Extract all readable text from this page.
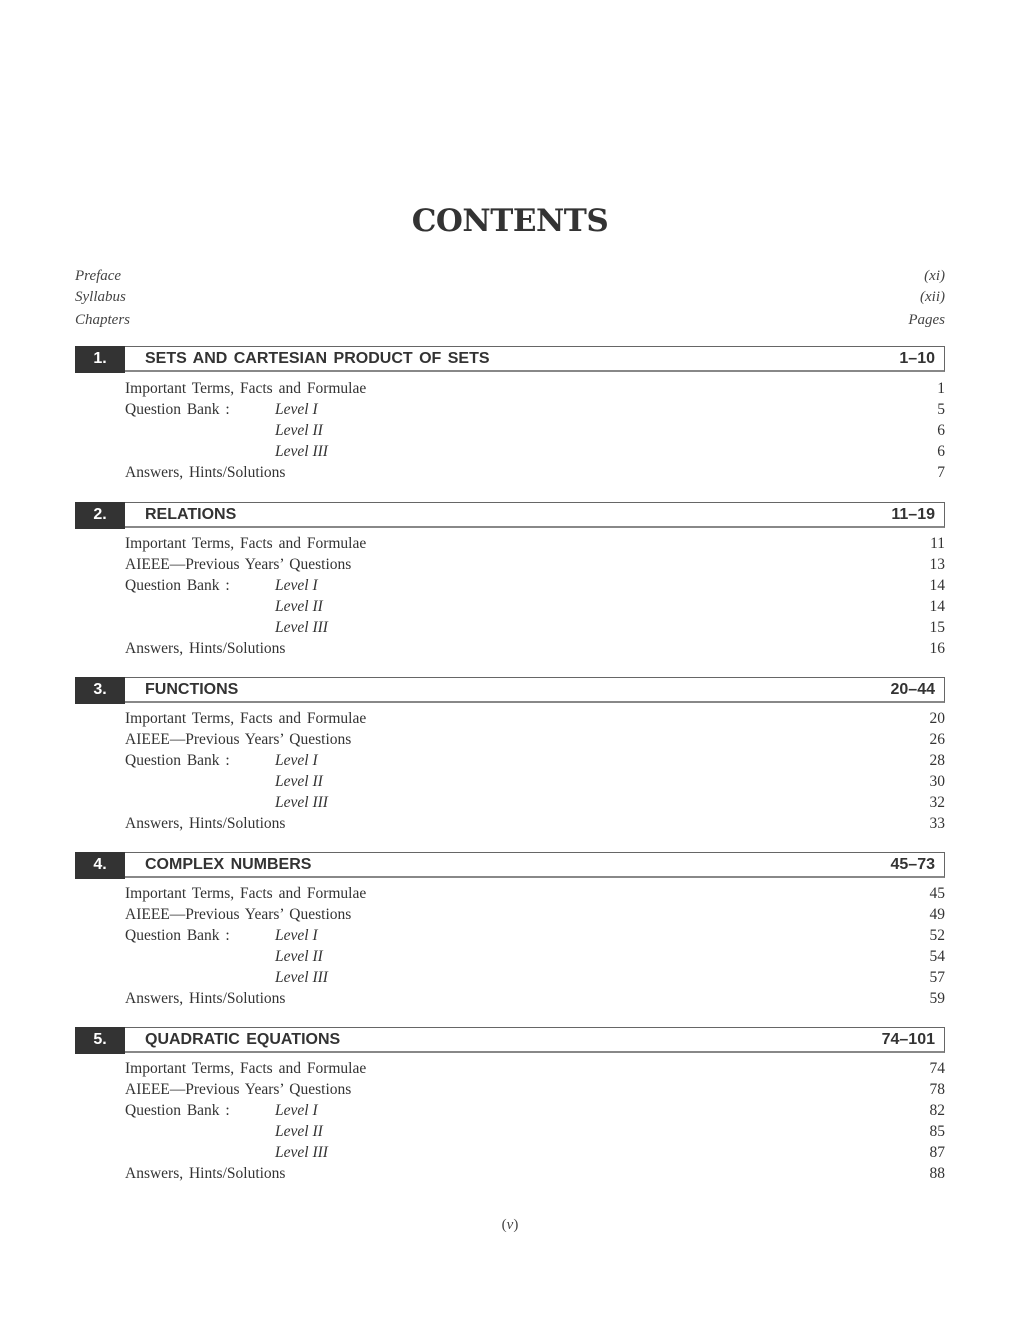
CONTENTS
Preface	(xi)
Syllabus	(xii)
Chapters	Pages
1.	SETS AND CARTESIAN PRODUCT OF SETS	1–10
Important Terms, Facts and Formulae	1
Question Bank :	Level I	5
Level II	6
Level III	6
Answers, Hints/Solutions	7
2.	RELATIONS	11–19
Important Terms, Facts and Formulae	11
AIEEE—Previous Years’ Questions	13
Question Bank :	Level I	14
Level II	14
Level III	15
Answers, Hints/Solutions	16
3.	FUNCTIONS	20–44
Important Terms, Facts and Formulae	20
AIEEE—Previous Years’ Questions	26
Question Bank :	Level I	28
Level II	30
Level III	32
Answers, Hints/Solutions	33
4.	COMPLEX NUMBERS	45–73
Important Terms, Facts and Formulae	45
AIEEE—Previous Years’ Questions	49
Question Bank :	Level I	52
Level II	54
Level III	57
Answers, Hints/Solutions	59
5.	QUADRATIC EQUATIONS	74–101
Important Terms, Facts and Formulae	74
AIEEE—Previous Years’ Questions	78
Question Bank :	Level I	82
Level II	85
Level III	87
Answers, Hints/Solutions	88
(v)
